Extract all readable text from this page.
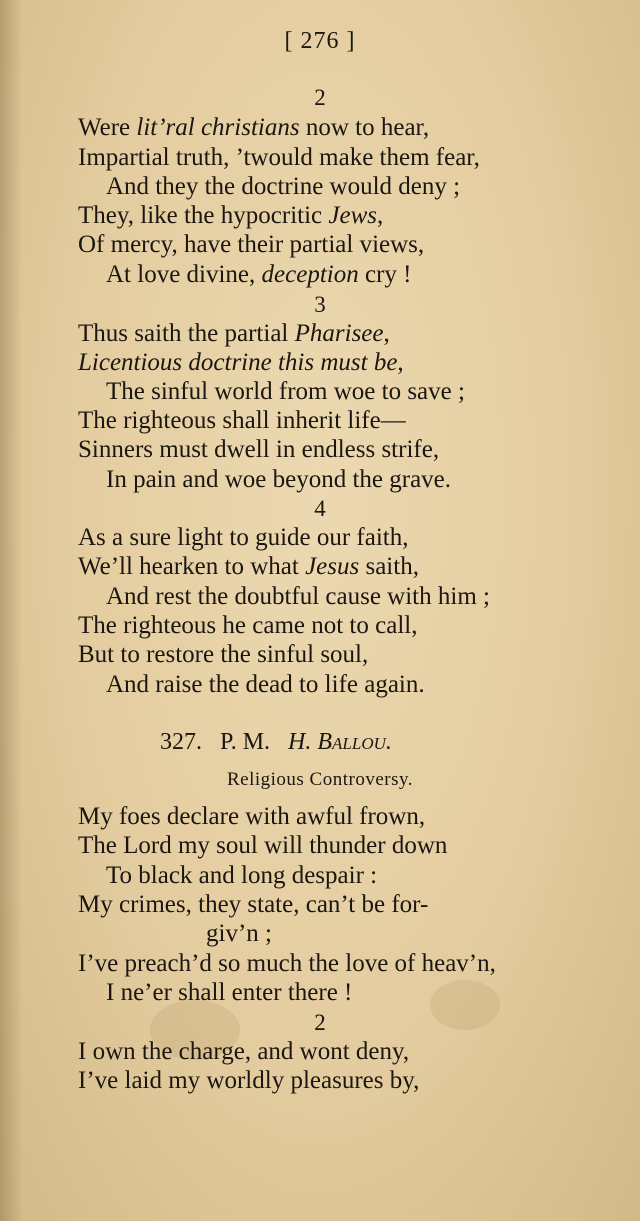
[ 276 ]
2
Were lit’ral christians now to hear,
Impartial truth, ’twould make them fear,
And they the doctrine would deny ;
They, like the hypocritic Jews,
Of mercy, have their partial views,
At love divine, deception cry !
3
Thus saith the partial Pharisee,
Licentious doctrine this must be,
The sinful world from woe to save ;
The righteous shall inherit life—
Sinners must dwell in endless strife,
In pain and woe beyond the grave.
4
As a sure light to guide our faith,
We’ll hearken to what Jesus saith,
And rest the doubtful cause with him ;
The righteous he came not to call,
But to restore the sinful soul,
And raise the dead to life again.
327. P. M. H. Ballou.
Religious Controversy.
My foes declare with awful frown,
The Lord my soul will thunder down
To black and long despair :
My crimes, they state, can’t be for-
giv’n ;
I’ve preach’d so much the love of heav’n,
I ne’er shall enter there !
2
I own the charge, and wont deny,
I’ve laid my worldly pleasures by,
